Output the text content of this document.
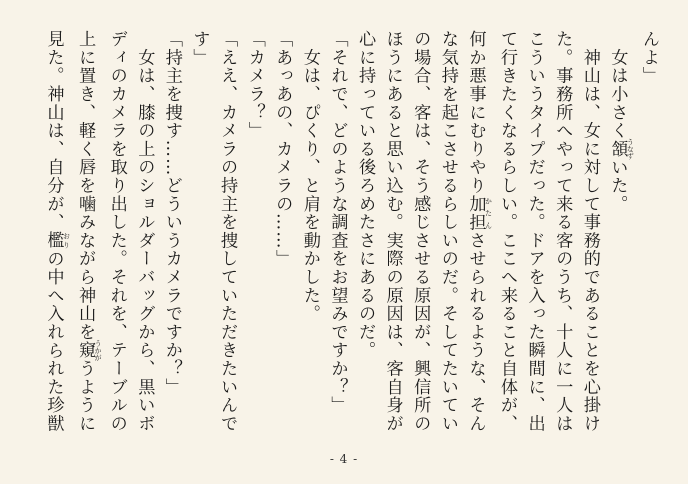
んよ」
　女は小さく頷 うなずいた。
　神山は、女に対して事務的であることを心掛け
た。事務所へやって来る客のうち、十人に一人は
こういうタイプだった。ドアを入った瞬間に、出
て行きたくなるらしい。ここへ来ること自体が、
何か悪事にむりやり加担 かたんさせられるような、そん
な気持を起こさせるらしいのだ。そしてたいてい
の場合、客は、そう感じさせる原因が、興信所の
ほうにあると思い込む。実際の原因は、客自身が
心に持っている後ろめたさにあるのだ。
「それで、どのような調査をお望みですか？」
　女は、ぴくり、と肩を動かした。
「あっあの、カメラの……」
「カメラ？」
「ええ、カメラの持主を捜していただきたいんで
す」
「持主を捜す……どういうカメラですか？」
　女は、膝の上のショルダーバッグから、黒いボ
ディのカメラを取り出した。それを、テーブルの
上に置き、軽く唇を噛みながら神山を窺 うかがうように
見た。神山は、自分が、檻 おりの中へ入れられた珍獣
- 4 -
